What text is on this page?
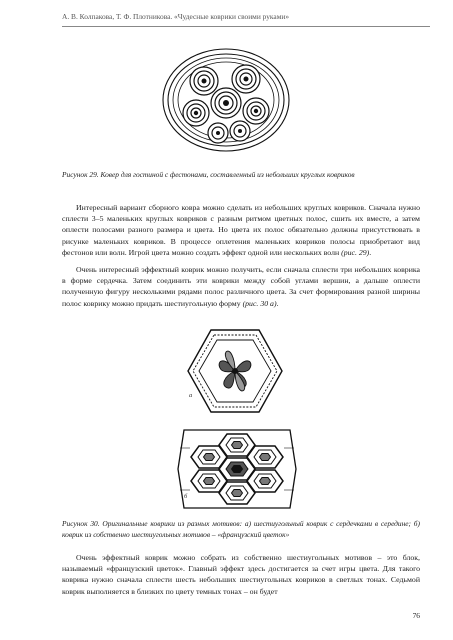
А. В. Колпакова, Т. Ф. Плотникова. «Чудесные коврики своими руками»
Рисунок 29. Ковер для гостиной с фестонами, составленный из небольших круглых ковриков

Интересный вариант сборного ковра можно сделать из небольших круглых ковриков. Сначала нужно сплести 3–5 маленьких круглых ковриков с разным ритмом цветных полос, сшить их вместе, а затем оплести полосами разного размера и цвета. Но цвета их полос обязательно должны присутствовать в рисунке маленьких ковриков. В процессе оплетения маленьких ковриков полосы приобретают вид фестонов или волн. Игрой цвета можно создать эффект одной или нескольких волн (рис. 29).

Очень интересный эффектный коврик можно получить, если сначала сплести три небольших коврика в форме сердечка. Затем соединить эти коврики между собой углами вершин, а дальше оплести полученную фигуру несколькими рядами полос различного цвета. За счет формирования разной ширины полос коврику можно придать шестиугольную форму (рис. 30 а).

а
б
Рисунок 30. Оригинальные коврики из разных мотивов: а) шестиугольный коврик с сердечками в середине; б) коврик из собственно шестиугольных мотивов – «французский цветок»

Очень эффектный коврик можно собрать из собственно шестиугольных мотивов – это блок, называемый «французский цветок». Главный эффект здесь достигается за счет игры цвета. Для такого коврика нужно сначала сплести шесть небольших шестиугольных ковриков в светлых тонах. Седьмой коврик выполняется в близких по цвету темных тонах – он будет

76
